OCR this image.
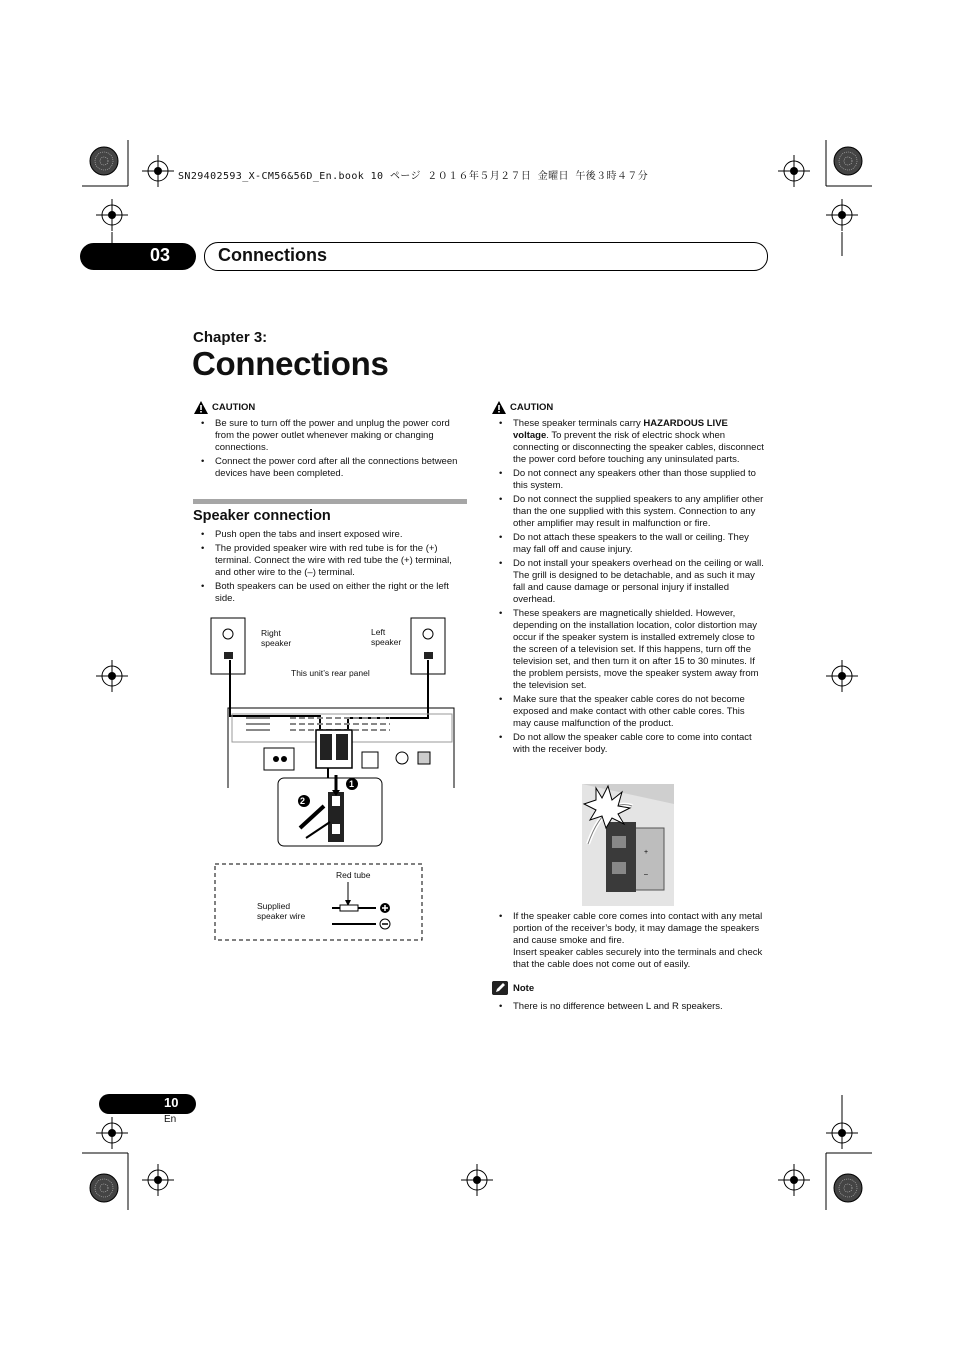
SN29402593_X-CM56&56D_En.book 10 ページ ２０１６年５月２７日 金曜日 午後３時４７分
03	Connections
Chapter 3:
Connections
CAUTION
• Be sure to turn off the power and unplug the power cord from the power outlet whenever making or changing connections.
• Connect the power cord after all the connections between devices have been completed.
Speaker connection
• Push open the tabs and insert exposed wire.
• The provided speaker wire with red tube is for the (+) terminal. Connect the wire with red tube the (+) terminal, and other wire to the (–) terminal.
• Both speakers can be used on either the right or the left side.
2
1
Right speaker
Left speaker
This unit’s rear panel
Red tube
Supplied speaker wire
CAUTION
• These speaker terminals carry HAZARDOUS LIVE voltage. To prevent the risk of electric shock when connecting or disconnecting the speaker cables, disconnect the power cord before touching any uninsulated parts.
• Do not connect any speakers other than those supplied to this system.
• Do not connect the supplied speakers to any amplifier other than the one supplied with this system. Connection to any other amplifier may result in malfunction or fire.
• Do not attach these speakers to the wall or ceiling. They may fall off and cause injury.
• Do not install your speakers overhead on the ceiling or wall. The grill is designed to be detachable, and as such it may fall and cause damage or personal injury if installed overhead.
• These speakers are magnetically shielded. However, depending on the installation location, color distortion may occur if the speaker system is installed extremely close to the screen of a television set. If this happens, turn off the television set, and then turn it on after 15 to 30 minutes. If the problem persists, move the speaker system away from the television set.
• Make sure that the speaker cable cores do not become exposed and make contact with other cable cores. This may cause malfunction of the product.
• Do not allow the speaker cable core to come into contact with the receiver body.
+
–
• If the speaker cable core comes into contact with any metal portion of the receiver’s body, it may damage the speakers and cause smoke and fire.
Insert speaker cables securely into the terminals and check that the cable does not come out of easily.
Note
• There is no difference between L and R speakers.
10
En
